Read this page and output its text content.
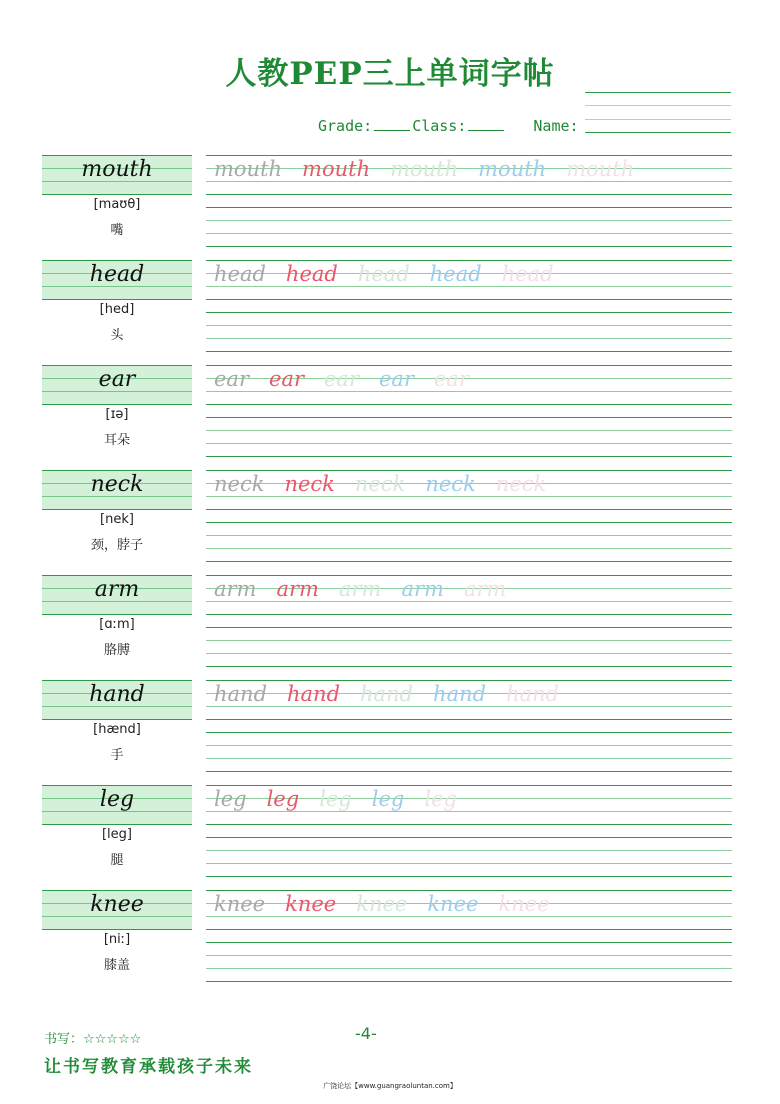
人教PEP三上单词字帖
Grade:	Class:	Name:
mouth
[maʊθ]
嘴
mouth mouth mouth mouth mouth
head
[hed]
头
head head head head head
ear
[ɪə]
耳朵
ear ear ear ear ear
neck
[nek]
颈，脖子
neck neck neck neck neck
arm
[ɑːm]
胳膊
arm arm arm arm arm
hand
[hænd]
手
hand hand hand hand hand
leg
[leg]
腿
leg leg leg leg leg
knee
[niː]
膝盖
knee knee knee knee knee
书写：☆☆☆☆☆	-4-
让书写教育承载孩子未来
广饶论坛【www.guangraoluntan.com】
